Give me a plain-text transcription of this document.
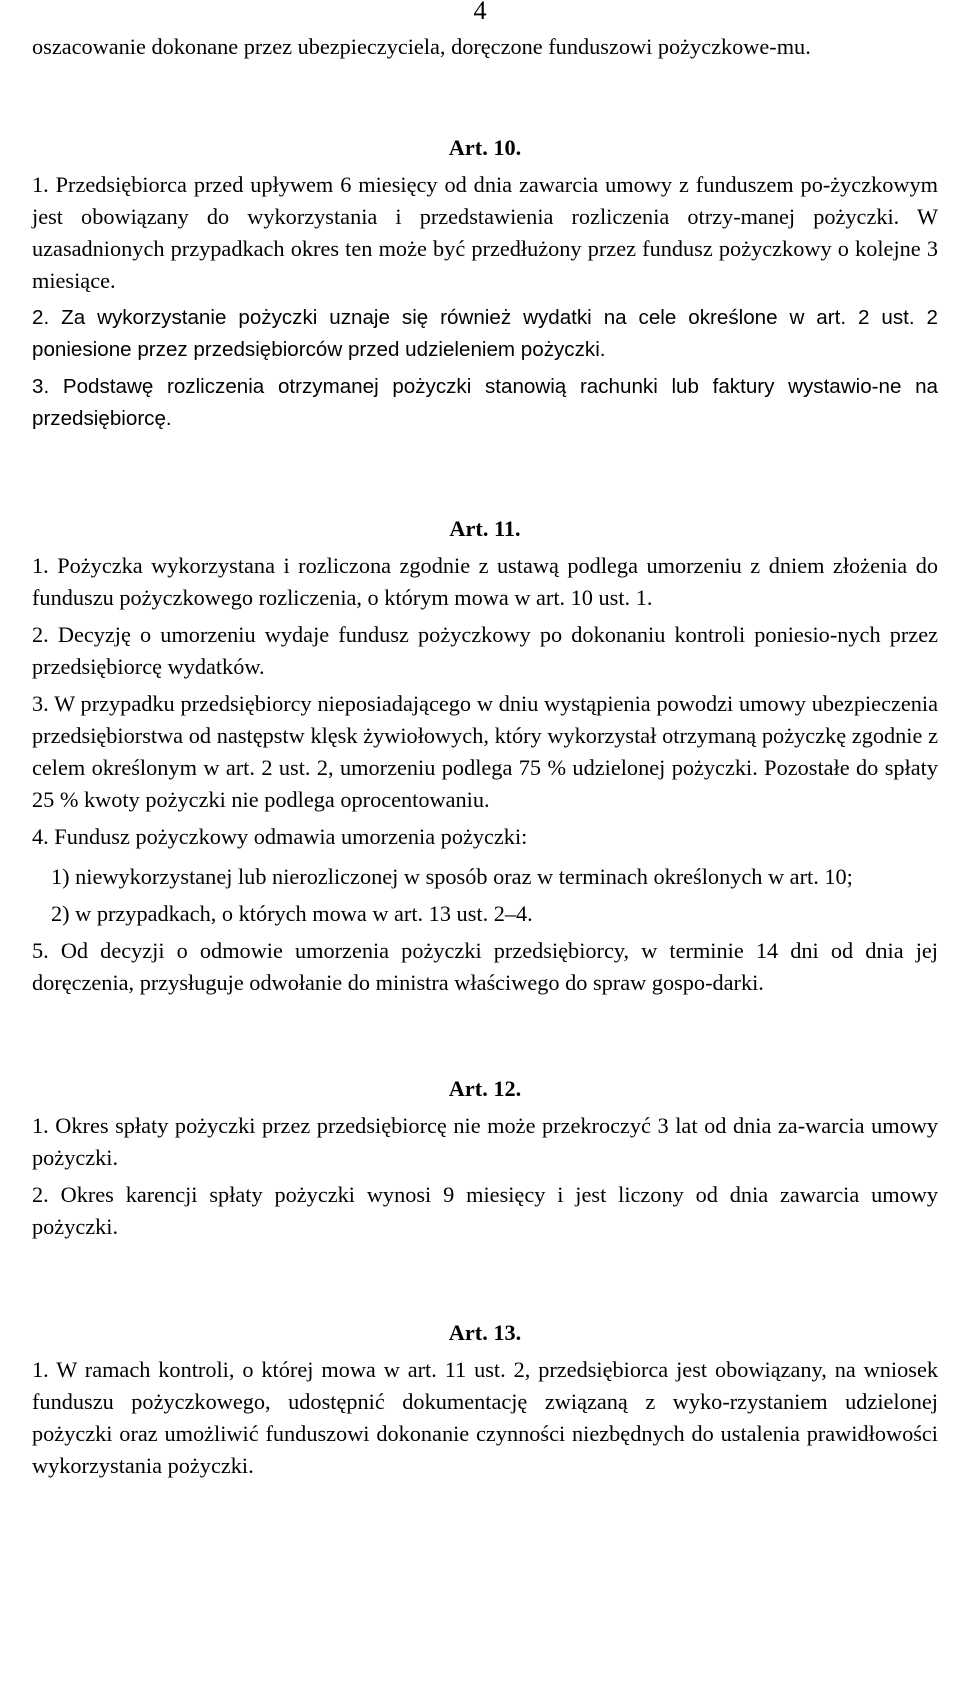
4

oszacowanie dokonane przez ubezpieczyciela, doręczone funduszowi pożyczkowe-mu.

Art. 10.

1. Przedsiębiorca przed upływem 6 miesięcy od dnia zawarcia umowy z funduszem po-życzkowym jest obowiązany do wykorzystania i przedstawienia rozliczenia otrzy-manej pożyczki. W uzasadnionych przypadkach okres ten może być przedłużony przez fundusz pożyczkowy o kolejne 3 miesiące.

2. Za wykorzystanie pożyczki uznaje się również wydatki na cele określone w art. 2 ust. 2 poniesione przez przedsiębiorców przed udzieleniem pożyczki.

3. Podstawę rozliczenia otrzymanej pożyczki stanowią rachunki lub faktury wystawio-ne na przedsiębiorcę.

Art. 11.

1. Pożyczka wykorzystana i rozliczona zgodnie z ustawą podlega umorzeniu z dniem złożenia do funduszu pożyczkowego rozliczenia, o którym mowa w art. 10 ust. 1.

2. Decyzję o umorzeniu wydaje fundusz pożyczkowy po dokonaniu kontroli poniesio-nych przez przedsiębiorcę wydatków.

3. W przypadku przedsiębiorcy nieposiadającego w dniu wystąpienia powodzi umowy ubezpieczenia przedsiębiorstwa od następstw klęsk żywiołowych, który wykorzystał otrzymaną pożyczkę zgodnie z celem określonym w art. 2 ust. 2, umorzeniu podlega 75 % udzielonej pożyczki. Pozostałe do spłaty 25 % kwoty pożyczki nie podlega oprocentowaniu.

4. Fundusz pożyczkowy odmawia umorzenia pożyczki:

1) niewykorzystanej lub nierozliczonej w sposób oraz w terminach określonych w art. 10;

2) w przypadkach, o których mowa w art. 13 ust. 2–4.

5. Od decyzji o odmowie umorzenia pożyczki przedsiębiorcy, w terminie 14 dni od dnia jej doręczenia, przysługuje odwołanie do ministra właściwego do spraw gospo-darki.

Art. 12.

1. Okres spłaty pożyczki przez przedsiębiorcę nie może przekroczyć 3 lat od dnia za-warcia umowy pożyczki.

2. Okres karencji spłaty pożyczki wynosi 9 miesięcy i jest liczony od dnia zawarcia umowy pożyczki.

Art. 13.

1. W ramach kontroli, o której mowa w art. 11 ust. 2, przedsiębiorca jest obowiązany, na wniosek funduszu pożyczkowego, udostępnić dokumentację związaną z wyko-rzystaniem udzielonej pożyczki oraz umożliwić funduszowi dokonanie czynności niezbędnych do ustalenia prawidłowości wykorzystania pożyczki.
